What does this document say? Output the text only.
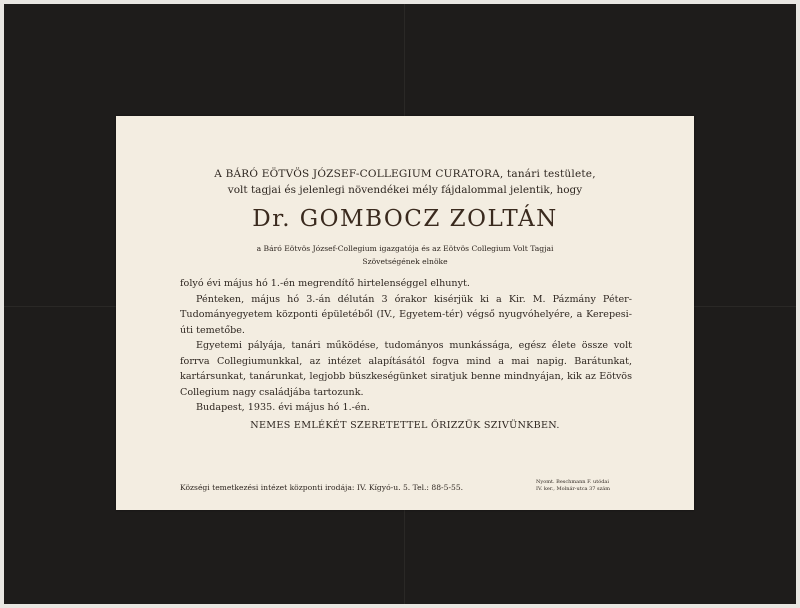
A BÁRÓ EÖTVÖS JÓZSEF-COLLEGIUM CURATORA, tanári testülete,
volt tagjai és jelenlegi növendékei mély fájdalommal jelentik, hogy
Dr. GOMBOCZ ZOLTÁN
a Báró Eötvös József-Collegium igazgatója és az Eötvös Collegium Volt Tagjai
Szövetségének elnöke

folyó évi május hó 1.-én megrendítő hirtelenséggel elhunyt.

Pénteken, május hó 3.-án délután 3 órakor kisérjük ki a Kir. M. Pázmány Péter-Tudományegyetem központi épületéből (IV., Egyetem-tér) végső nyugvóhelyére, a Kerepesi-úti temetőbe.

Egyetemi pályája, tanári működése, tudományos munkássága, egész élete össze volt forrva Collegiumunkkal, az intézet alapításától fogva mind a mai napig. Barátunkat, kartársunkat, tanárunkat, legjobb büszkeségünket siratjuk benne mindnyájan, kik az Eötvös Collegium nagy családjába tartozunk.

Budapest, 1935. évi május hó 1.-én.

NEMES EMLÉKÉT SZERETETTEL ŐRIZZÜK SZIVÜNKBEN.
Községi temetkezési intézet központi irodája: IV. Kígyó-u. 5. Tel.: 88-5-55.
Nyomt. Beschmann F. utódai
IV. ker., Molnár-utca 37 szám
